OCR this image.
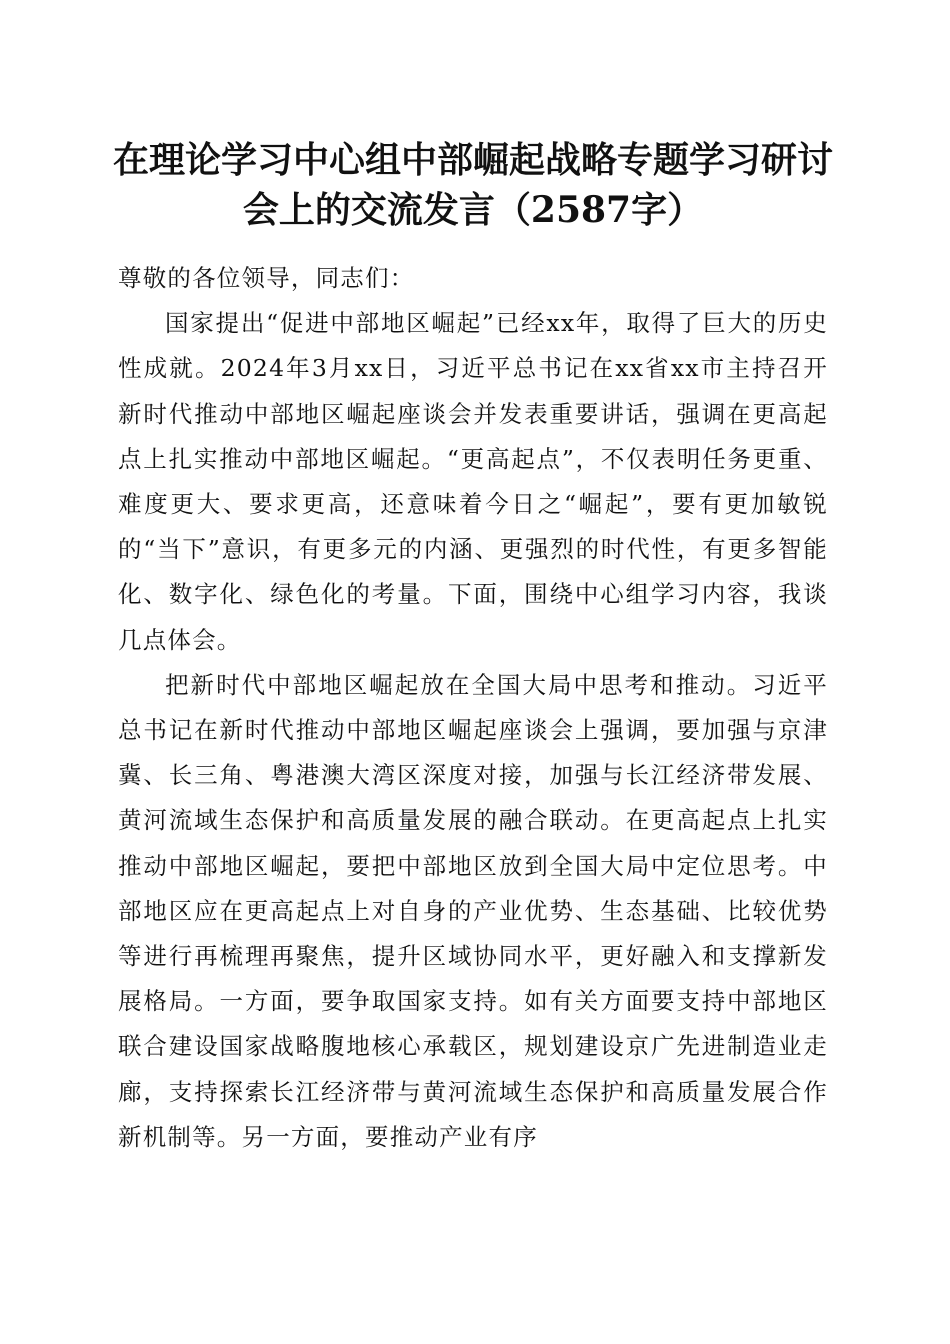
在理论学习中心组中部崛起战略专题学习研讨会上的交流发言（2587字）

尊敬的各位领导，同志们：

国家提出“促进中部地区崛起”已经xx年，取得了巨大的历史性成就。2024年3月xx日，习近平总书记在xx省xx市主持召开新时代推动中部地区崛起座谈会并发表重要讲话，强调在更高起点上扎实推动中部地区崛起。“更高起点”，不仅表明任务更重、难度更大、要求更高，还意味着今日之“崛起”，要有更加敏锐的“当下”意识，有更多元的内涵、更强烈的时代性，有更多智能化、数字化、绿色化的考量。下面，围绕中心组学习内容，我谈几点体会。

把新时代中部地区崛起放在全国大局中思考和推动。习近平总书记在新时代推动中部地区崛起座谈会上强调，要加强与京津冀、长三角、粤港澳大湾区深度对接，加强与长江经济带发展、黄河流域生态保护和高质量发展的融合联动。在更高起点上扎实推动中部地区崛起，要把中部地区放到全国大局中定位思考。中部地区应在更高起点上对自身的产业优势、生态基础、比较优势等进行再梳理再聚焦，提升区域协同水平，更好融入和支撑新发展格局。一方面，要争取国家支持。如有关方面要支持中部地区联合建设国家战略腹地核心承载区，规划建设京广先进制造业走廊，支持探索长江经济带与黄河流域生态保护和高质量发展合作新机制等。另一方面，要推动产业有序
